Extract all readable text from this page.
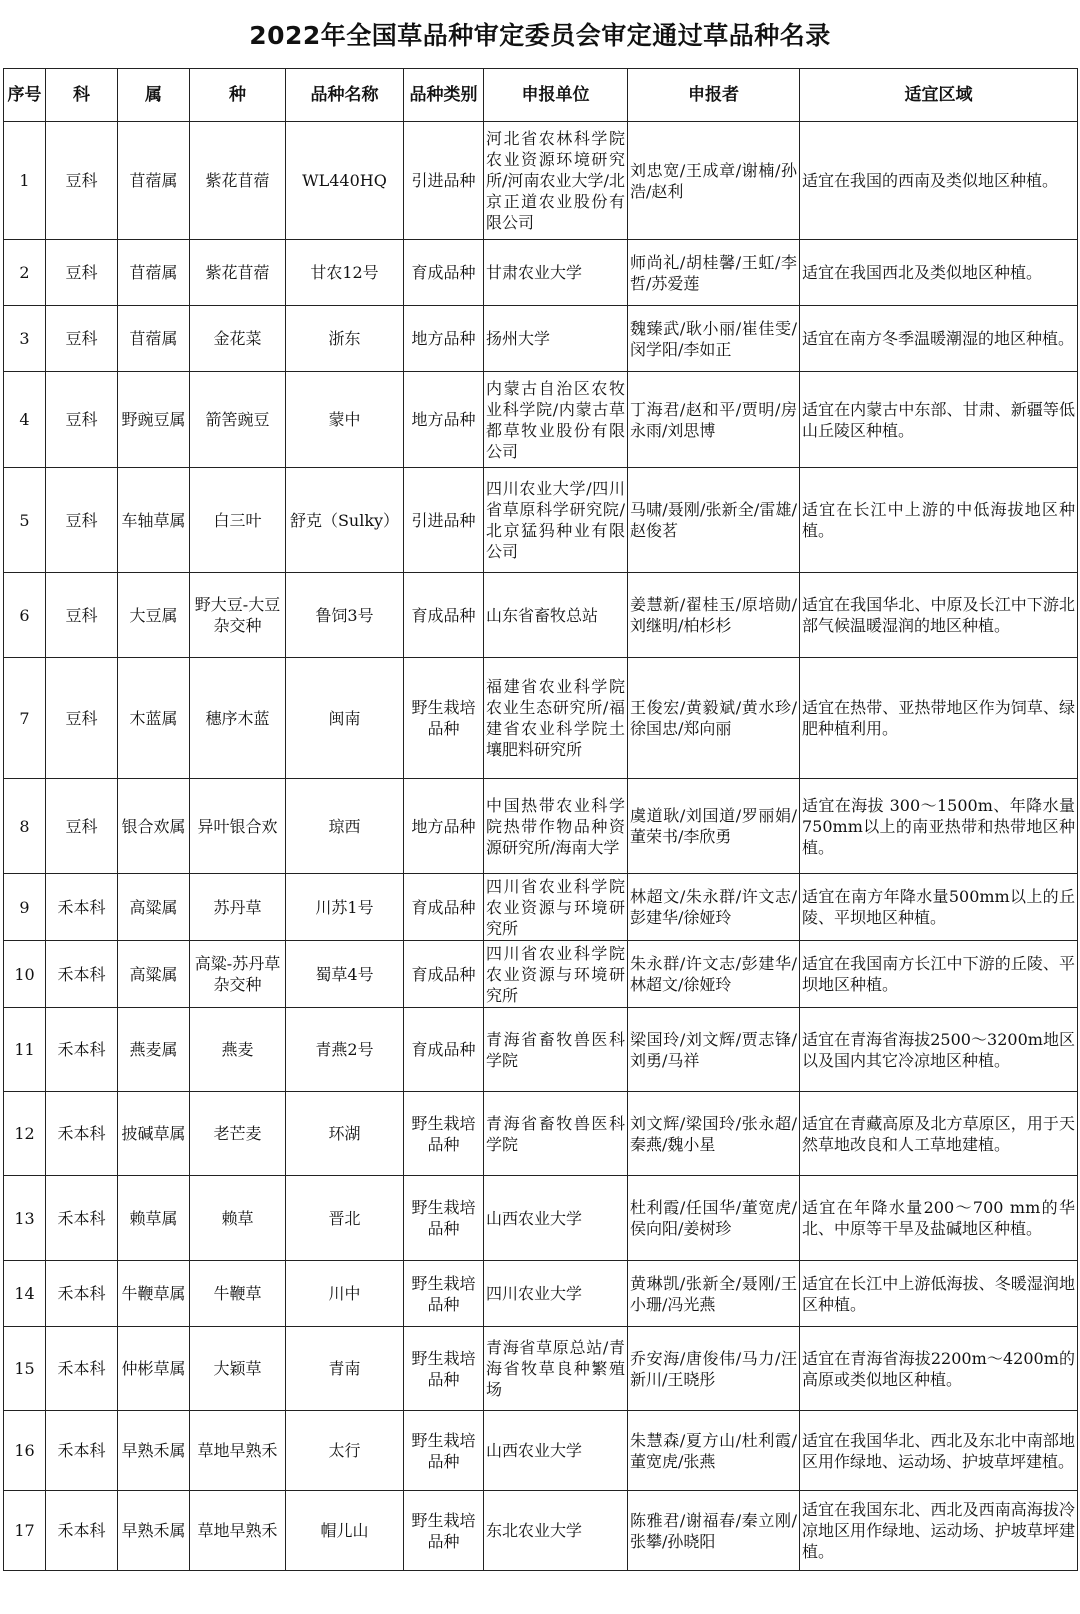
2022年全国草品种审定委员会审定通过草品种名录
序号	科	属	种	品种名称	品种类别	申报单位	申报者	适宜区域
1	豆科	苜蓿属	紫花苜蓿	WL440HQ	引进品种	河北省农林科学院农业资源环境研究所/河南农业大学/北京正道农业股份有限公司	刘忠宽/王成章/谢楠/孙浩/赵利	适宜在我国的西南及类似地区种植。
2	豆科	苜蓿属	紫花苜蓿	甘农12号	育成品种	甘肃农业大学	师尚礼/胡桂馨/王虹/李哲/苏爱莲	适宜在我国西北及类似地区种植。
3	豆科	苜蓿属	金花菜	浙东	地方品种	扬州大学	魏臻武/耿小丽/崔佳雯/闵学阳/李如正	适宜在南方冬季温暖潮湿的地区种植。
4	豆科	野豌豆属	箭筈豌豆	蒙中	地方品种	内蒙古自治区农牧业科学院/内蒙古草都草牧业股份有限公司	丁海君/赵和平/贾明/房永雨/刘思博	适宜在内蒙古中东部、甘肃、新疆等低山丘陵区种植。
5	豆科	车轴草属	白三叶	舒克（Sulky）	引进品种	四川农业大学/四川省草原科学研究院/北京猛犸种业有限公司	马啸/聂刚/张新全/雷雄/赵俊茗	适宜在长江中上游的中低海拔地区种植。
6	豆科	大豆属	野大豆-大豆杂交种	鲁饲3号	育成品种	山东省畜牧总站	姜慧新/翟桂玉/原培勋/刘继明/柏杉杉	适宜在我国华北、中原及长江中下游北部气候温暖湿润的地区种植。
7	豆科	木蓝属	穗序木蓝	闽南	野生栽培品种	福建省农业科学院农业生态研究所/福建省农业科学院土壤肥料研究所	王俊宏/黄毅斌/黄水珍/徐国忠/郑向丽	适宜在热带、亚热带地区作为饲草、绿肥种植利用。
8	豆科	银合欢属	异叶银合欢	琼西	地方品种	中国热带农业科学院热带作物品种资源研究所/海南大学	虞道耿/刘国道/罗丽娟/董荣书/李欣勇	适宜在海拔 300～1500m、年降水量 750mm以上的南亚热带和热带地区种植。
9	禾本科	高粱属	苏丹草	川苏1号	育成品种	四川省农业科学院农业资源与环境研究所	林超文/朱永群/许文志/彭建华/徐娅玲	适宜在南方年降水量500mm以上的丘陵、平坝地区种植。
10	禾本科	高粱属	高粱-苏丹草杂交种	蜀草4号	育成品种	四川省农业科学院农业资源与环境研究所	朱永群/许文志/彭建华/林超文/徐娅玲	适宜在我国南方长江中下游的丘陵、平坝地区种植。
11	禾本科	燕麦属	燕麦	青燕2号	育成品种	青海省畜牧兽医科学院	梁国玲/刘文辉/贾志锋/刘勇/马祥	适宜在青海省海拔2500～3200m地区以及国内其它冷凉地区种植。
12	禾本科	披碱草属	老芒麦	环湖	野生栽培品种	青海省畜牧兽医科学院	刘文辉/梁国玲/张永超/秦燕/魏小星	适宜在青藏高原及北方草原区，用于天然草地改良和人工草地建植。
13	禾本科	赖草属	赖草	晋北	野生栽培品种	山西农业大学	杜利霞/任国华/董宽虎/侯向阳/姜树珍	适宜在年降水量200～700 mm的华北、中原等干旱及盐碱地区种植。
14	禾本科	牛鞭草属	牛鞭草	川中	野生栽培品种	四川农业大学	黄琳凯/张新全/聂刚/王小珊/冯光燕	适宜在长江中上游低海拔、冬暖湿润地区种植。
15	禾本科	仲彬草属	大颖草	青南	野生栽培品种	青海省草原总站/青海省牧草良种繁殖场	乔安海/唐俊伟/马力/汪新川/王晓彤	适宜在青海省海拔2200m～4200m的高原或类似地区种植。
16	禾本科	早熟禾属	草地早熟禾	太行	野生栽培品种	山西农业大学	朱慧森/夏方山/杜利霞/董宽虎/张燕	适宜在我国华北、西北及东北中南部地区用作绿地、运动场、护坡草坪建植。
17	禾本科	早熟禾属	草地早熟禾	帽儿山	野生栽培品种	东北农业大学	陈雅君/谢福春/秦立刚/张攀/孙晓阳	适宜在我国东北、西北及西南高海拔冷凉地区用作绿地、运动场、护坡草坪建植。
